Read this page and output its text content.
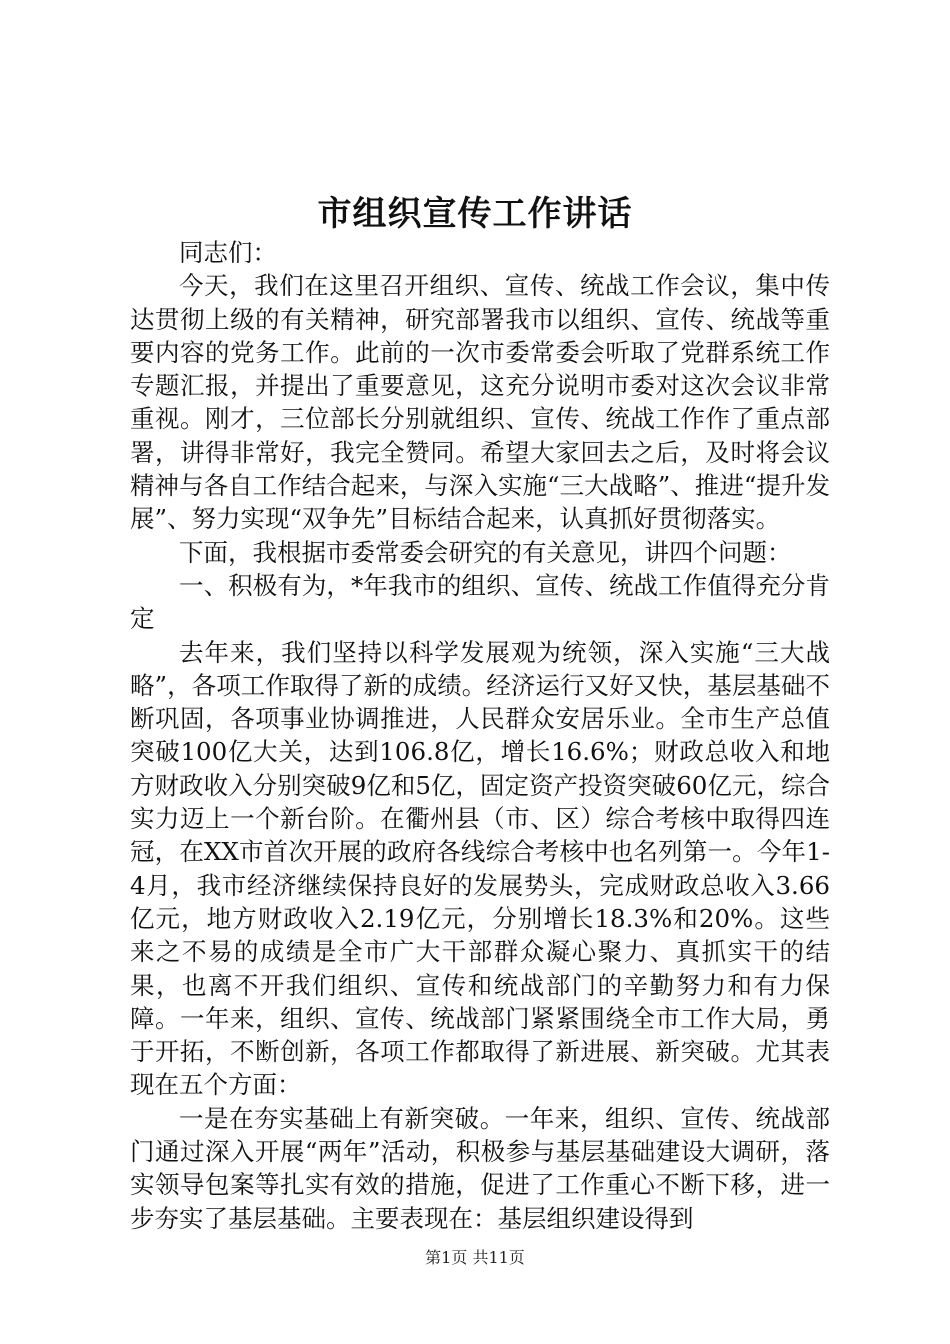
市组织宣传工作讲话

同志们：

今天，我们在这里召开组织、宣传、统战工作会议，集中传达贯彻上级的有关精神，研究部署我市以组织、宣传、统战等重要内容的党务工作。此前的一次市委常委会听取了党群系统工作专题汇报，并提出了重要意见，这充分说明市委对这次会议非常重视。刚才，三位部长分别就组织、宣传、统战工作作了重点部署，讲得非常好，我完全赞同。希望大家回去之后，及时将会议精神与各自工作结合起来，与深入实施“三大战略”、推进“提升发展”、努力实现“双争先”目标结合起来，认真抓好贯彻落实。

下面，我根据市委常委会研究的有关意见，讲四个问题：

一、积极有为，*年我市的组织、宣传、统战工作值得充分肯定

去年来，我们坚持以科学发展观为统领，深入实施“三大战略”，各项工作取得了新的成绩。经济运行又好又快，基层基础不断巩固，各项事业协调推进，人民群众安居乐业。全市生产总值突破100亿大关，达到106.8亿，增长16.6%；财政总收入和地方财政收入分别突破9亿和5亿，固定资产投资突破60亿元，综合实力迈上一个新台阶。在衢州县（市、区）综合考核中取得四连冠，在XX市首次开展的政府各线综合考核中也名列第一。今年1-4月，我市经济继续保持良好的发展势头，完成财政总收入3.66亿元，地方财政收入2.19亿元，分别增长18.3%和20%。这些来之不易的成绩是全市广大干部群众凝心聚力、真抓实干的结果，也离不开我们组织、宣传和统战部门的辛勤努力和有力保障。一年来，组织、宣传、统战部门紧紧围绕全市工作大局，勇于开拓，不断创新，各项工作都取得了新进展、新突破。尤其表现在五个方面：

一是在夯实基础上有新突破。一年来，组织、宣传、统战部门通过深入开展“两年”活动，积极参与基层基础建设大调研，落实领导包案等扎实有效的措施，促进了工作重心不断下移，进一步夯实了基层基础。主要表现在：基层组织建设得到

第1页 共11页
